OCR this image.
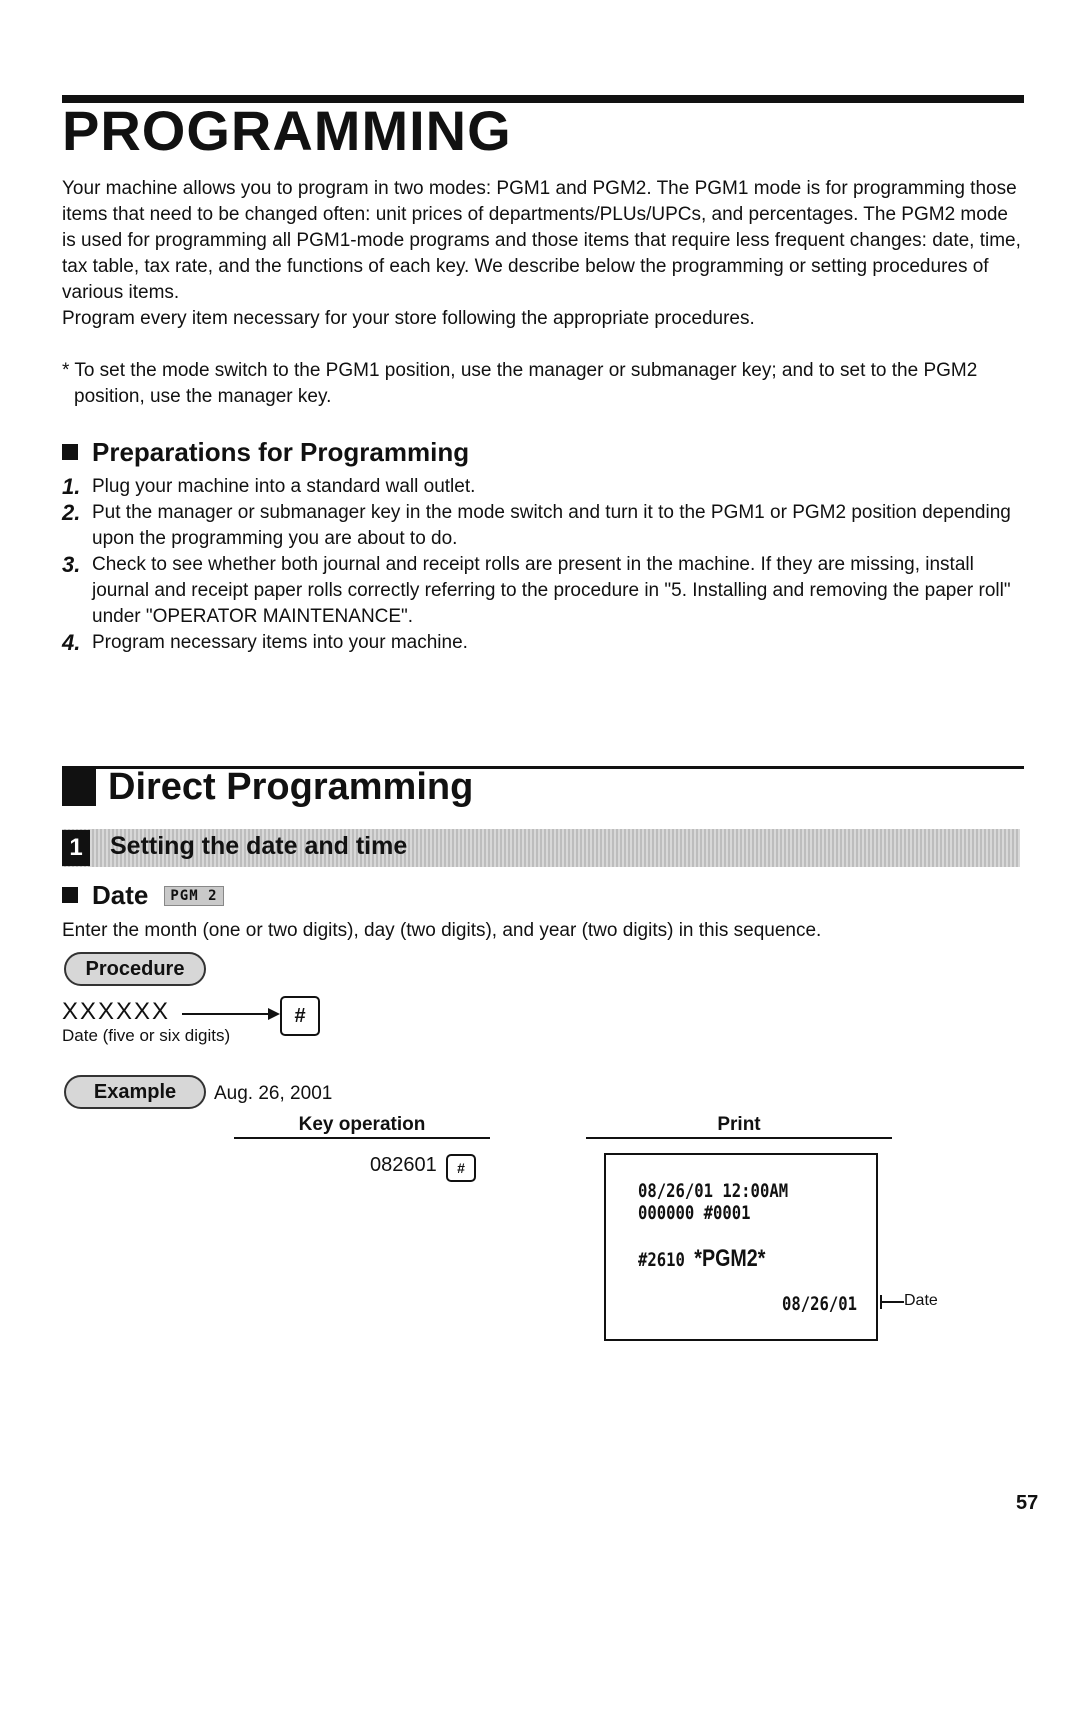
PROGRAMMING
Your machine allows you to program in two modes: PGM1 and PGM2. The PGM1 mode is for programming those items that need to be changed often: unit prices of departments/PLUs/UPCs, and percentages. The PGM2 mode is used for programming all PGM1-mode programs and those items that require less frequent changes: date, time, tax table, tax rate, and the functions of each key. We describe below the programming or setting procedures of various items.
Program every item necessary for your store following the appropriate procedures.
* To set the mode switch to the PGM1 position, use the manager or submanager key; and to set to the PGM2 position, use the manager key.
Preparations for Programming
1. Plug your machine into a standard wall outlet.
2. Put the manager or submanager key in the mode switch and turn it to the PGM1 or PGM2 position depending upon the programming you are about to do.
3. Check to see whether both journal and receipt rolls are present in the machine. If they are missing, install journal and receipt paper rolls correctly referring to the procedure in "5. Installing and removing the paper roll" under "OPERATOR MAINTENANCE".
4. Program necessary items into your machine.
Direct Programming
1 Setting the date and time
Date PGM 2
Enter the month (one or two digits), day (two digits), and year (two digits) in this sequence.
Procedure
XXXXXX	#
Date (five or six digits)
Example	Aug. 26, 2001
Key operation	Print
082601	#
08/26/01 12:00AM
000000 #0001
#2610 *PGM2*
08/26/01	Date
57
